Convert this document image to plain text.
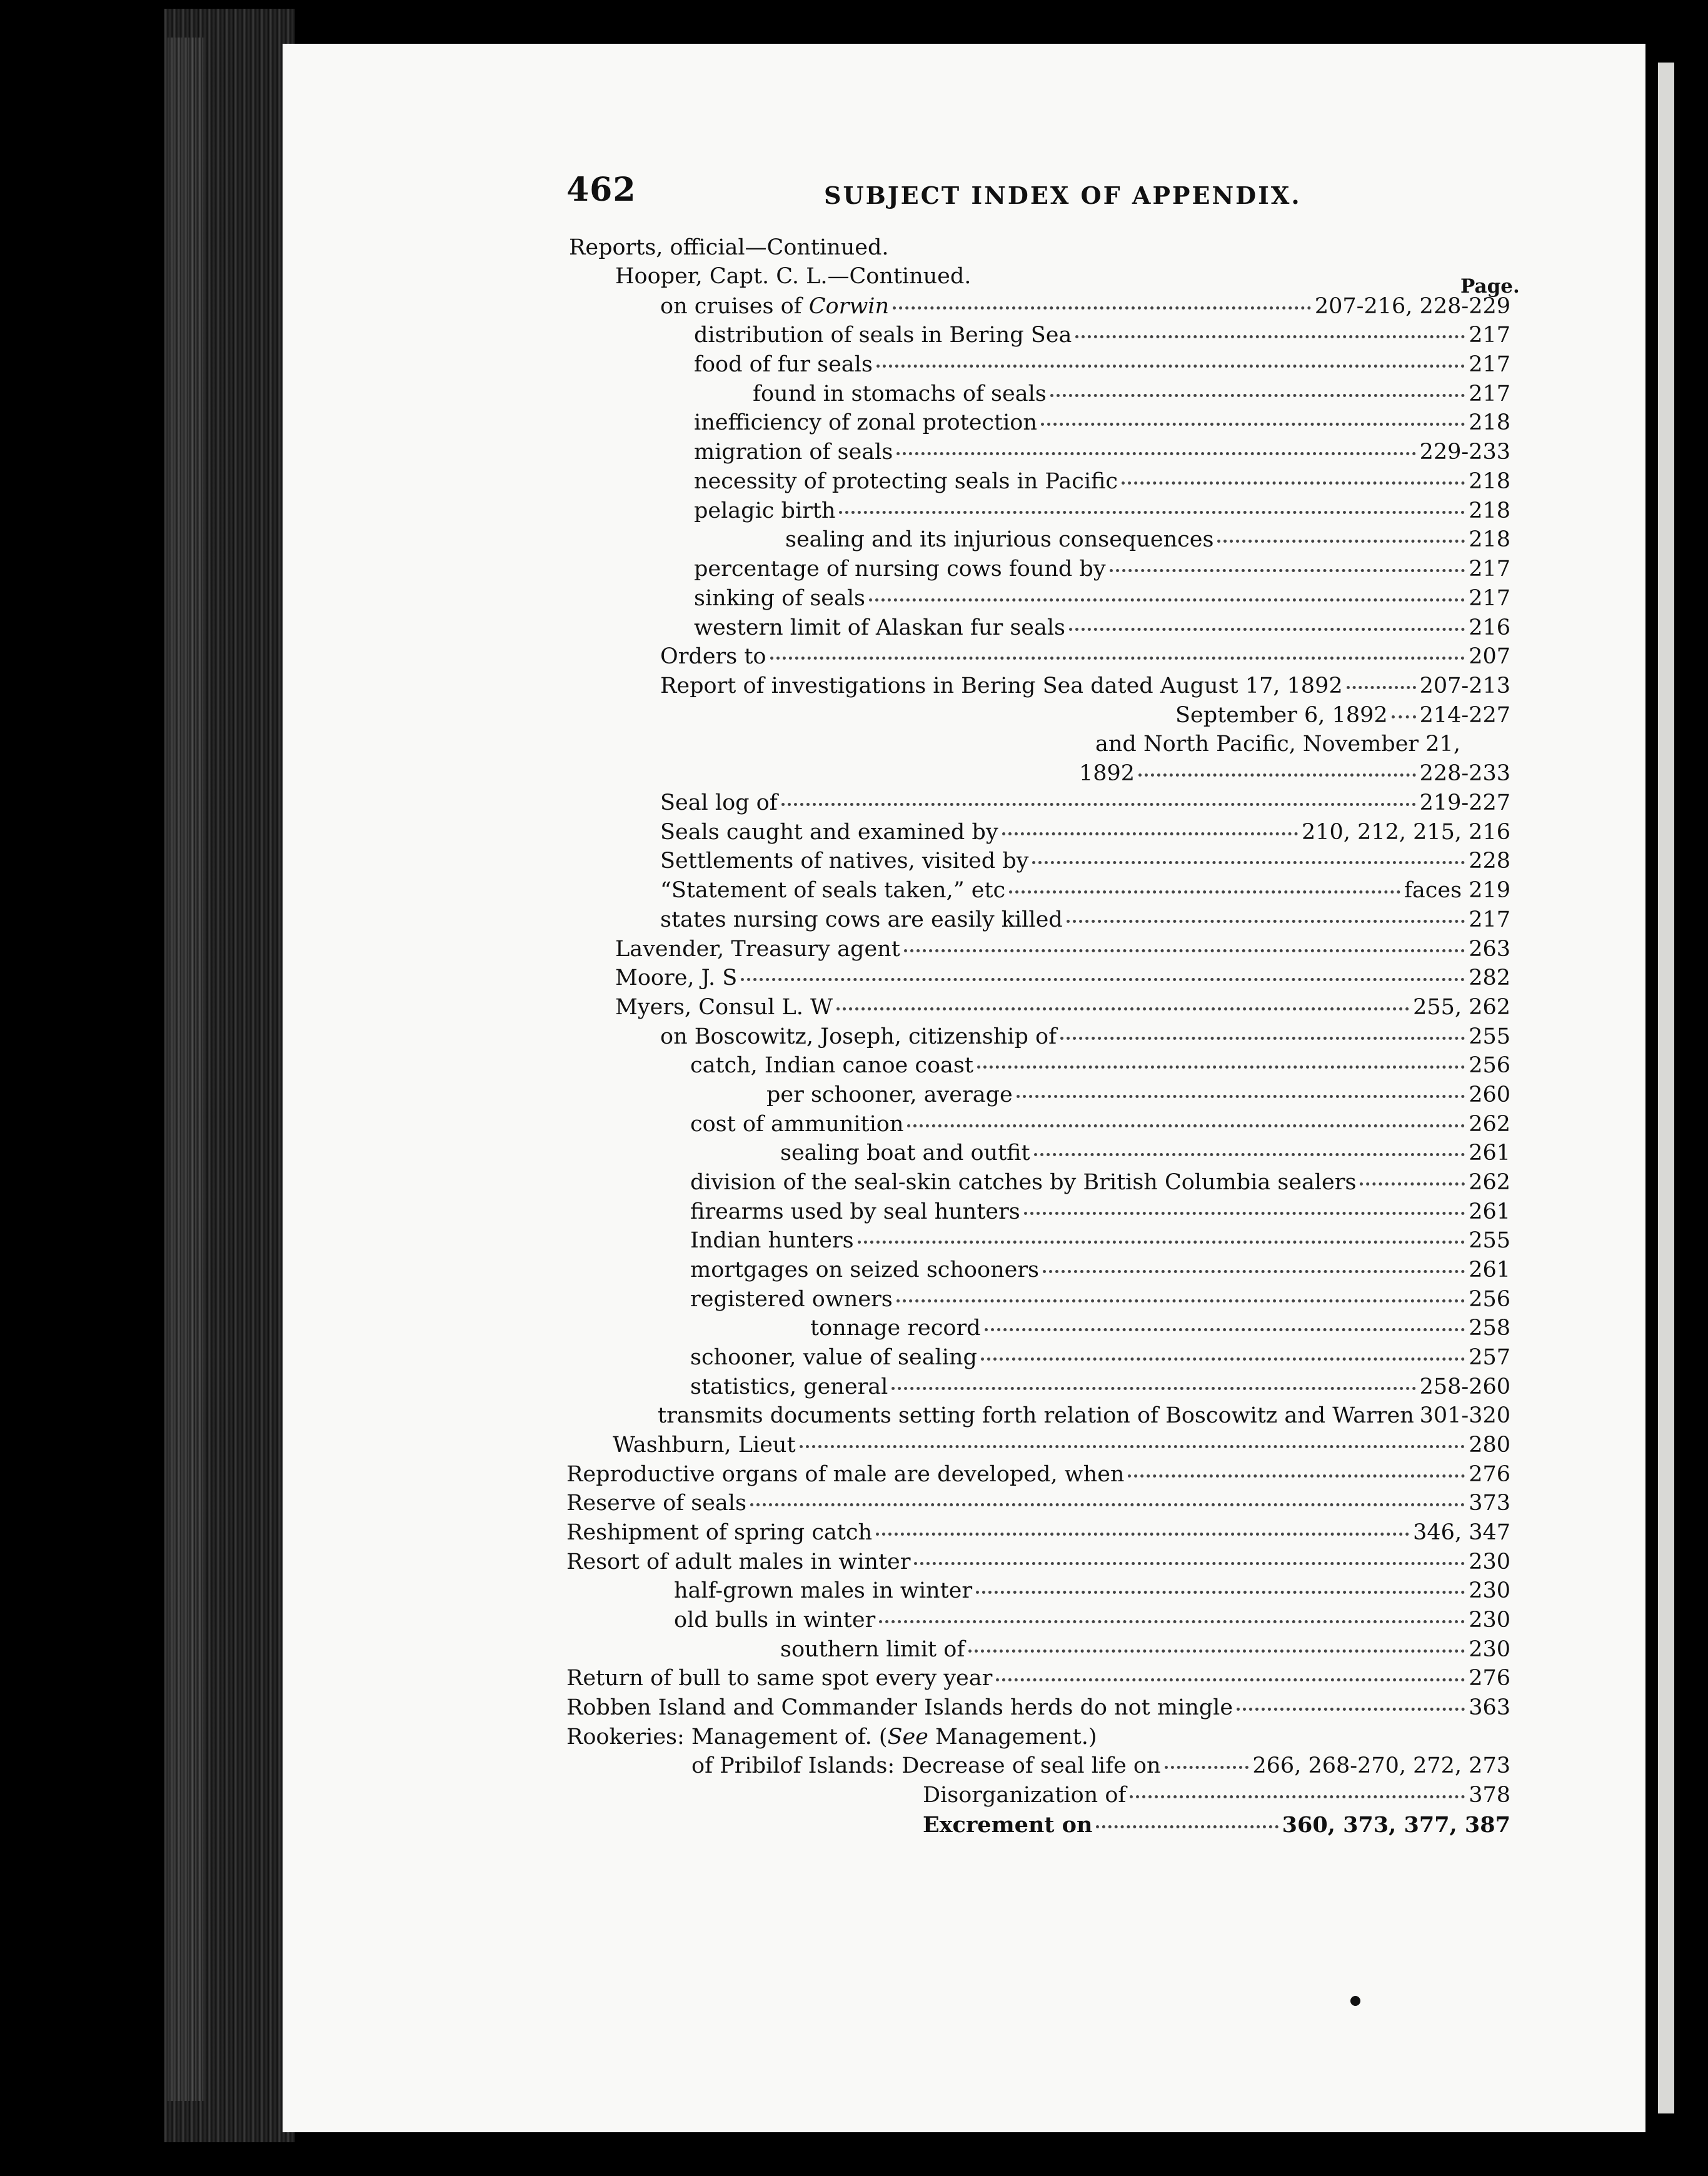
462	SUBJECT INDEX OF APPENDIX.
Page.
Reports, official—Continued.
Hooper, Capt. C. L.—Continued.
on cruises of Corwin	207-216, 228-229
distribution of seals in Bering Sea	217
food of fur seals	217
found in stomachs of seals	217
inefficiency of zonal protection	218
migration of seals	229-233
necessity of protecting seals in Pacific	218
pelagic birth	218
sealing and its injurious consequences	218
percentage of nursing cows found by	217
sinking of seals	217
western limit of Alaskan fur seals	216
Orders to	207
Report of investigations in Bering Sea dated August 17, 1892	207-213
September 6, 1892 214-227
and North Pacific, November 21,
1892	228-233
Seal log of	219-227
Seals caught and examined by	210, 212, 215, 216
Settlements of natives, visited by	228
“Statement of seals taken,” etc	faces 219
states nursing cows are easily killed	217
Lavender, Treasury agent	263
Moore, J. S	282
Myers, Consul L. W	255, 262
on Boscowitz, Joseph, citizenship of	255
catch, Indian canoe coast	256
per schooner, average	260
cost of ammunition	262
sealing boat and outfit	261
division of the seal-skin catches by British Columbia sealers	262
firearms used by seal hunters	261
Indian hunters	255
mortgages on seized schooners	261
registered owners	256
tonnage record	258
schooner, value of sealing	257
statistics, general	258-260
transmits documents setting forth relation of Boscowitz and Warren 301-320
Washburn, Lieut	280
Reproductive organs of male are developed, when	276
Reserve of seals	373
Reshipment of spring catch	346, 347
Resort of adult males in winter	230
half-grown males in winter	230
old bulls in winter	230
southern limit of	230
Return of bull to same spot every year	276
Robben Island and Commander Islands herds do not mingle	363
Rookeries: Management of. (See Management.)
of Pribilof Islands: Decrease of seal life on	266, 268-270, 272, 273
Disorganization of	378
Excrement on	360, 373, 377, 387
